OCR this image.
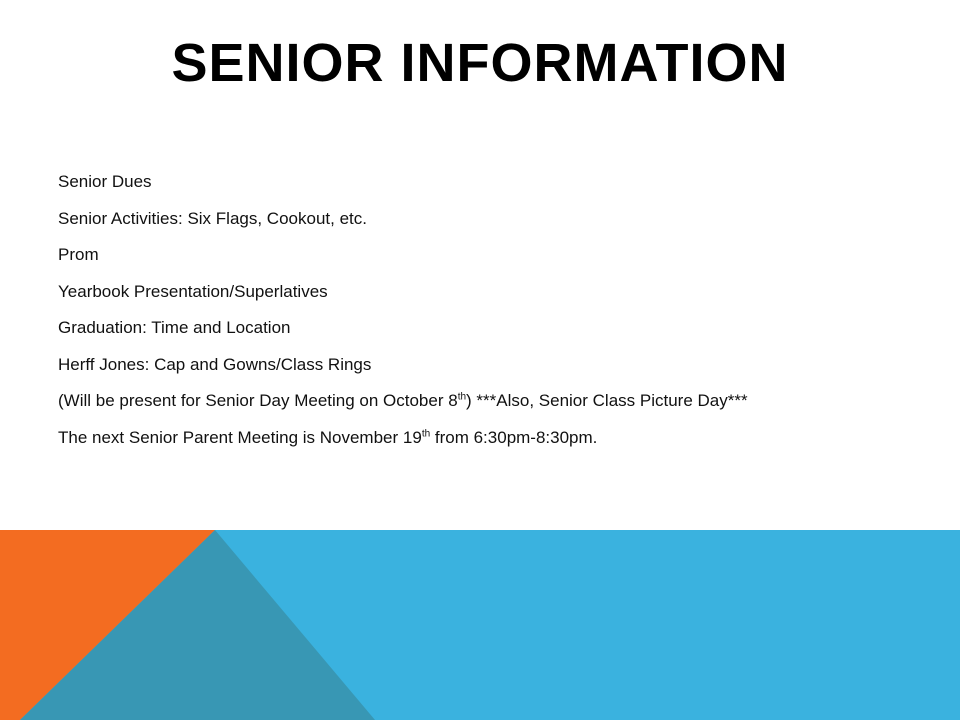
SENIOR INFORMATION
Senior Dues
Senior Activities: Six Flags, Cookout, etc.
Prom
Yearbook Presentation/Superlatives
Graduation: Time and Location
Herff Jones: Cap and Gowns/Class Rings
(Will be present for Senior Day Meeting on October 8th) ***Also, Senior Class Picture Day***
The next Senior Parent Meeting is November 19th from 6:30pm-8:30pm.
